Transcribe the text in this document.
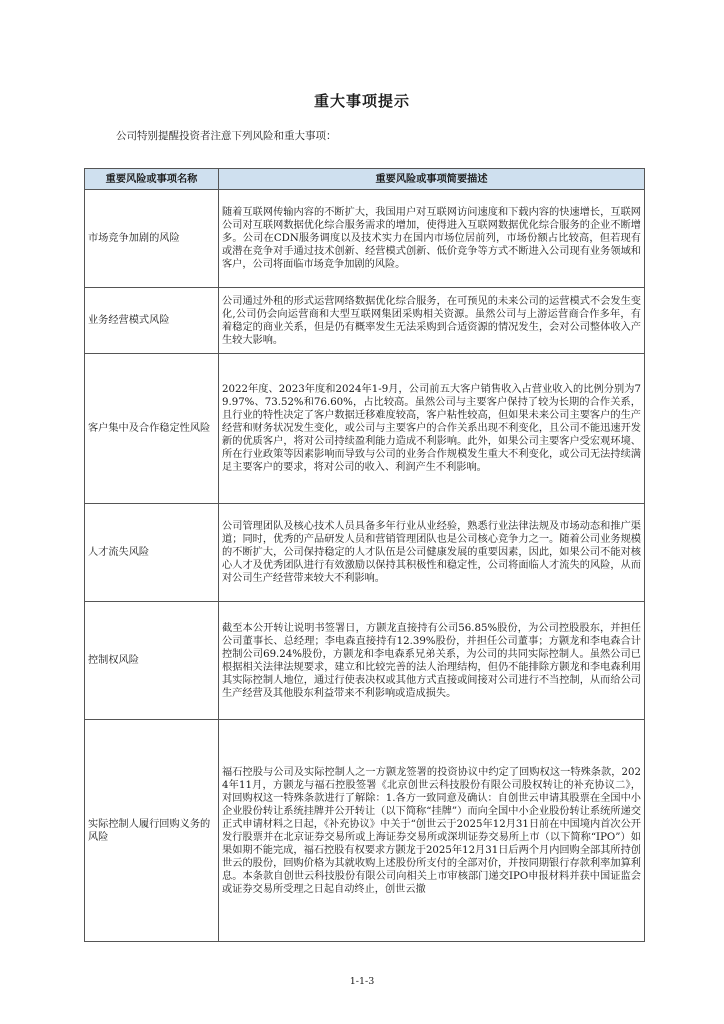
重大事项提示
公司特别提醒投资者注意下列风险和重大事项：
重要风险或事项名称	重要风险或事项简要描述
市场竞争加剧的风险	随着互联网传输内容的不断扩大，我国用户对互联网访问速度和下载内容的快速增长，互联网公司对互联网数据优化综合服务需求的增加，使得进入互联网数据优化综合服务的企业不断增多。公司在CDN服务调度以及技术实力在国内市场位居前列，市场份额占比较高，但若现有或潜在竞争对手通过技术创新、经营模式创新、低价竞争等方式不断进入公司现有业务领域和客户，公司将面临市场竞争加剧的风险。
业务经营模式风险	公司通过外租的形式运营网络数据优化综合服务，在可预见的未来公司的运营模式不会发生变化,公司仍会向运营商和大型互联网集团采购相关资源。虽然公司与上游运营商合作多年，有着稳定的商业关系，但是仍有概率发生无法采购到合适资源的情况发生，会对公司整体收入产生较大影响。
客户集中及合作稳定性风险	2022年度、2023年度和2024年1-9月，公司前五大客户销售收入占营业收入的比例分别为79.97%、73.52%和76.60%，占比较高。虽然公司与主要客户保持了较为长期的合作关系，且行业的特性决定了客户数据迁移难度较高，客户粘性较高，但如果未来公司主要客户的生产经营和财务状况发生变化，或公司与主要客户的合作关系出现不利变化，且公司不能迅速开发新的优质客户，将对公司持续盈利能力造成不利影响。此外，如果公司主要客户受宏观环境、所在行业政策等因素影响而导致与公司的业务合作规模发生重大不利变化，或公司无法持续满足主要客户的要求，将对公司的收入、利润产生不利影响。
人才流失风险	公司管理团队及核心技术人员具备多年行业从业经验，熟悉行业法律法规及市场动态和推广渠道；同时，优秀的产品研发人员和营销管理团队也是公司核心竞争力之一。随着公司业务规模的不断扩大，公司保持稳定的人才队伍是公司健康发展的重要因素，因此，如果公司不能对核心人才及优秀团队进行有效激励以保持其积极性和稳定性，公司将面临人才流失的风险，从而对公司生产经营带来较大不利影响。
控制权风险	截至本公开转让说明书签署日，方颢龙直接持有公司56.85%股份，为公司控股股东，并担任公司董事长、总经理；李电森直接持有12.39%股份，并担任公司董事；方颢龙和李电森合计控制公司69.24%股份，方颢龙和李电森系兄弟关系，为公司的共同实际控制人。虽然公司已根据相关法律法规要求，建立和比较完善的法人治理结构，但仍不能排除方颢龙和李电森利用其实际控制人地位，通过行使表决权或其他方式直接或间接对公司进行不当控制，从而给公司生产经营及其他股东利益带来不利影响或造成损失。
实际控制人履行回购义务的风险	福石控股与公司及实际控制人之一方颢龙签署的投资协议中约定了回购权这一特殊条款，2024年11月，方颢龙与福石控股签署《北京创世云科技股份有限公司股权转让的补充协议二》，对回购权这一特殊条款进行了解除：1.各方一致同意及确认：自创世云申请其股票在全国中小企业股份转让系统挂牌并公开转让（以下简称“挂牌”）而向全国中小企业股份转让系统所递交正式申请材料之日起，《补充协议》中关于“创世云于2025年12月31日前在中国境内首次公开发行股票并在北京证券交易所或上海证券交易所或深圳证券交易所上市（以下简称“IPO”）如果如期不能完成，福石控股有权要求方颢龙于2025年12月31日后两个月内回购全部其所持创世云的股份，回购价格为其就收购上述股份所支付的全部对价，并按同期银行存款利率加算利息。本条款自创世云科技股份有限公司向相关上市审核部门递交IPO申报材料并获中国证监会或证券交易所受理之日起自动终止，创世云撤
1-1-3
